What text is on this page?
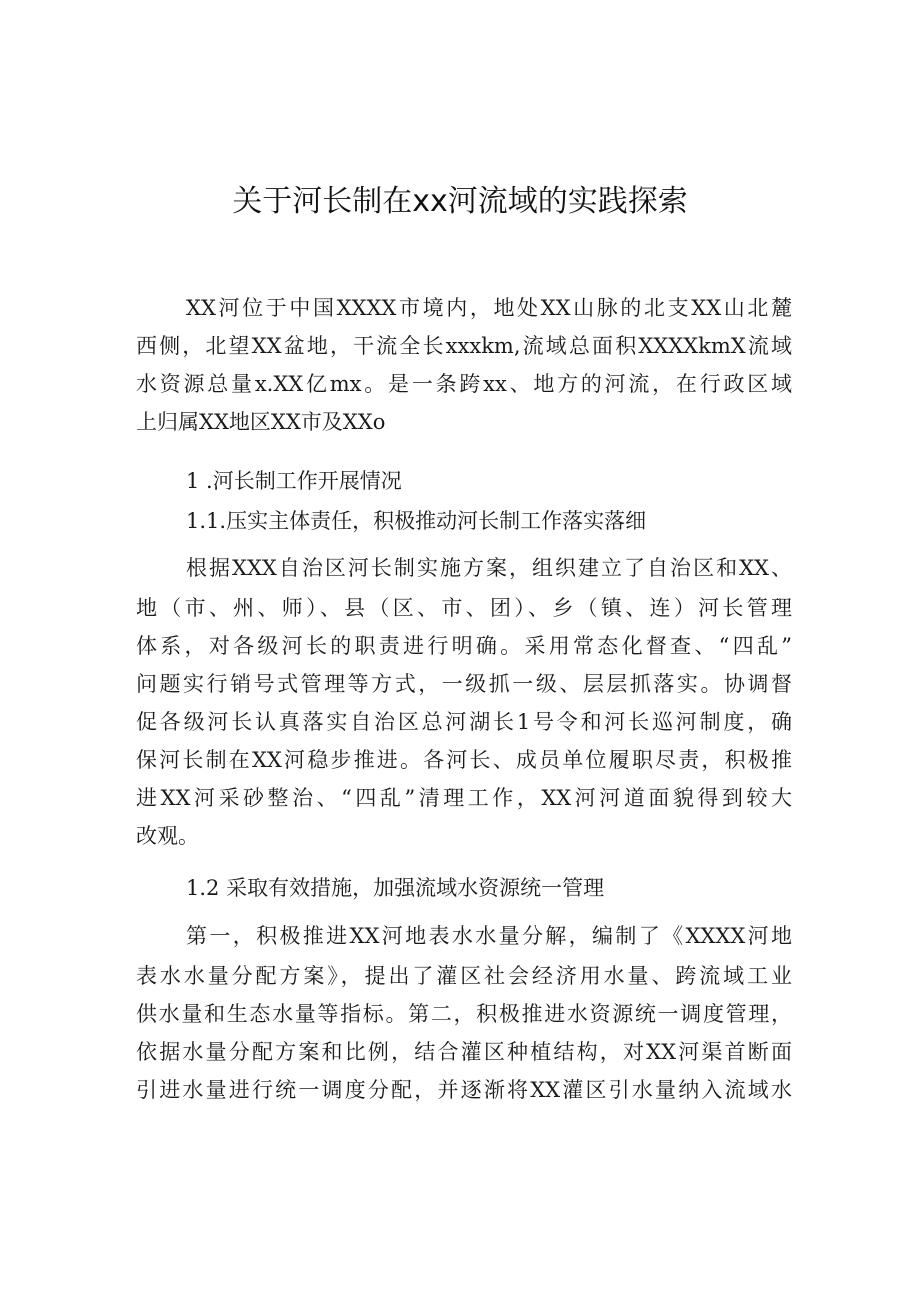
关于河长制在xx河流域的实践探索
XX河位于中国XXXX市境内，地处XX山脉的北支XX山北麓
西侧，北望XX盆地，干流全长xxxkm,流域总面积XXXXkmX流域
水资源总量x.XX亿mx。是一条跨xx、地方的河流，在行政区域
上归属XX地区XX市及XXo
1 .河长制工作开展情况
1.1.压实主体责任，积极推动河长制工作落实落细
根据XXX自治区河长制实施方案，组织建立了自治区和XX、
地（市、州、师）、县（区、市、团）、乡（镇、连）河长管理
体系，对各级河长的职责进行明确。采用常态化督查、“四乱”
问题实行销号式管理等方式，一级抓一级、层层抓落实。协调督
促各级河长认真落实自治区总河湖长1号令和河长巡河制度，确
保河长制在XX河稳步推进。各河长、成员单位履职尽责，积极推
进XX河采砂整治、“四乱”清理工作，XX河河道面貌得到较大
改观。
1.2 采取有效措施，加强流域水资源统一管理
第一，积极推进XX河地表水水量分解，编制了《XXXX河地
表水水量分配方案》，提出了灌区社会经济用水量、跨流域工业
供水量和生态水量等指标。第二，积极推进水资源统一调度管理，
依据水量分配方案和比例，结合灌区种植结构，对XX河渠首断面
引进水量进行统一调度分配，并逐渐将XX灌区引水量纳入流域水
